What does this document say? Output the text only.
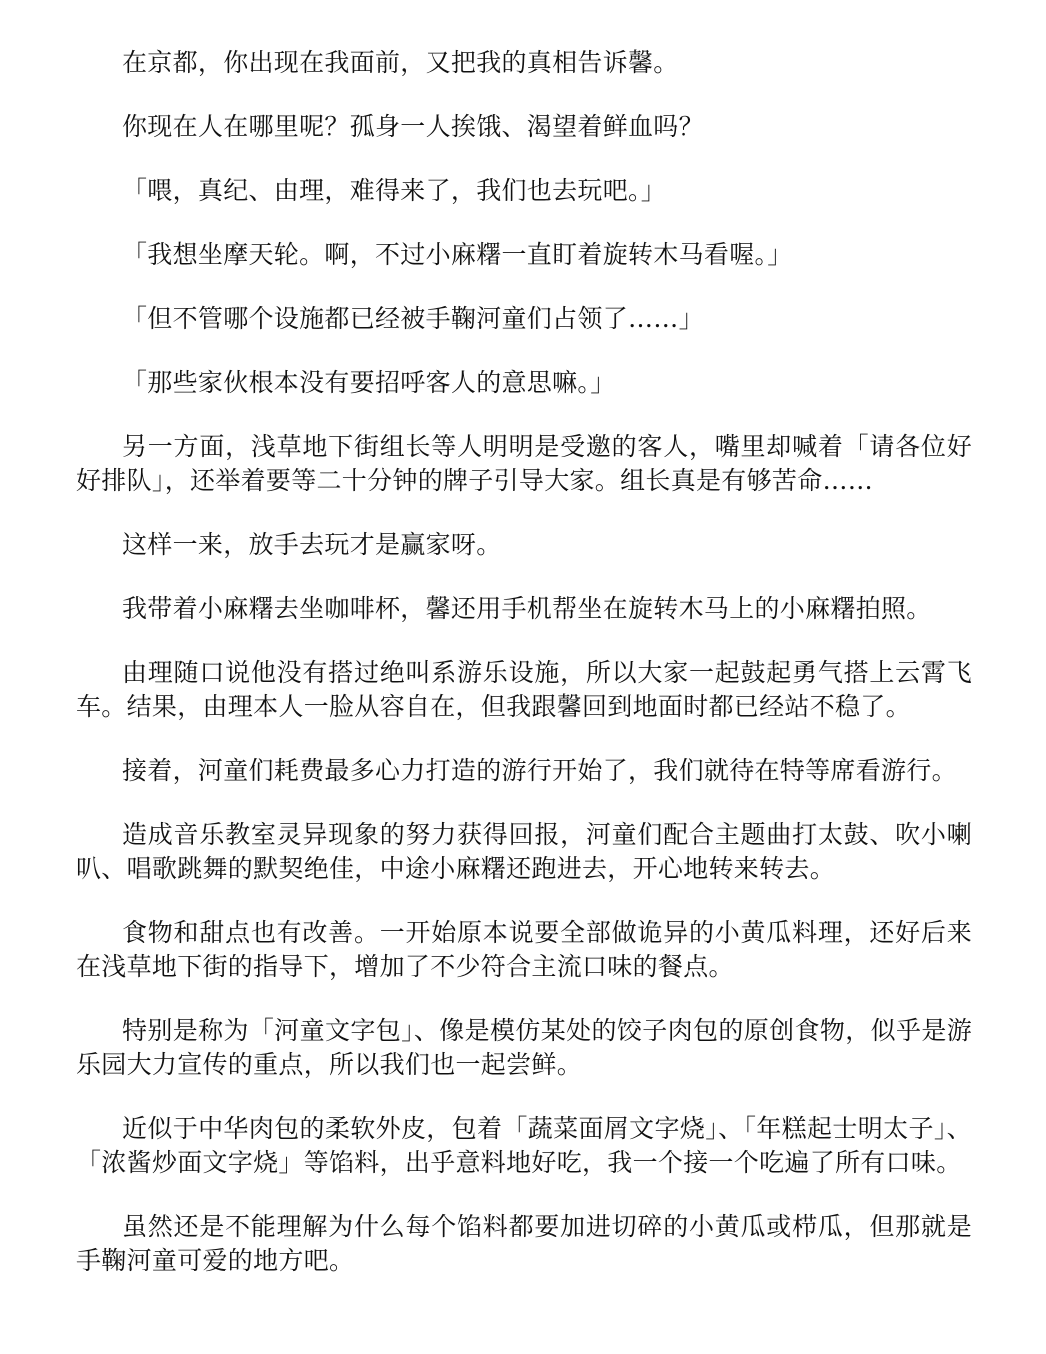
在京都，你出现在我面前，又把我的真相告诉馨。

你现在人在哪里呢？孤身一人挨饿、渴望着鲜血吗？

「喂，真纪、由理，难得来了，我们也去玩吧。」

「我想坐摩天轮。啊，不过小麻糬一直盯着旋转木马看喔。」

「但不管哪个设施都已经被手鞠河童们占领了……」

「那些家伙根本没有要招呼客人的意思嘛。」

另一方面，浅草地下街组长等人明明是受邀的客人，嘴里却喊着「请各位好好排队」，还举着要等二十分钟的牌子引导大家。组长真是有够苦命……

这样一来，放手去玩才是赢家呀。

我带着小麻糬去坐咖啡杯，馨还用手机帮坐在旋转木马上的小麻糬拍照。

由理随口说他没有搭过绝叫系游乐设施，所以大家一起鼓起勇气搭上云霄飞车。结果，由理本人一脸从容自在，但我跟馨回到地面时都已经站不稳了。

接着，河童们耗费最多心力打造的游行开始了，我们就待在特等席看游行。

造成音乐教室灵异现象的努力获得回报，河童们配合主题曲打太鼓、吹小喇叭、唱歌跳舞的默契绝佳，中途小麻糬还跑进去，开心地转来转去。

食物和甜点也有改善。一开始原本说要全部做诡异的小黄瓜料理，还好后来在浅草地下街的指导下，增加了不少符合主流口味的餐点。

特别是称为「河童文字包」、像是模仿某处的饺子肉包的原创食物，似乎是游乐园大力宣传的重点，所以我们也一起尝鲜。

近似于中华肉包的柔软外皮，包着「蔬菜面屑文字烧」、「年糕起士明太子」、「浓酱炒面文字烧」等馅料，出乎意料地好吃，我一个接一个吃遍了所有口味。

虽然还是不能理解为什么每个馅料都要加进切碎的小黄瓜或栉瓜，但那就是手鞠河童可爱的地方吧。
